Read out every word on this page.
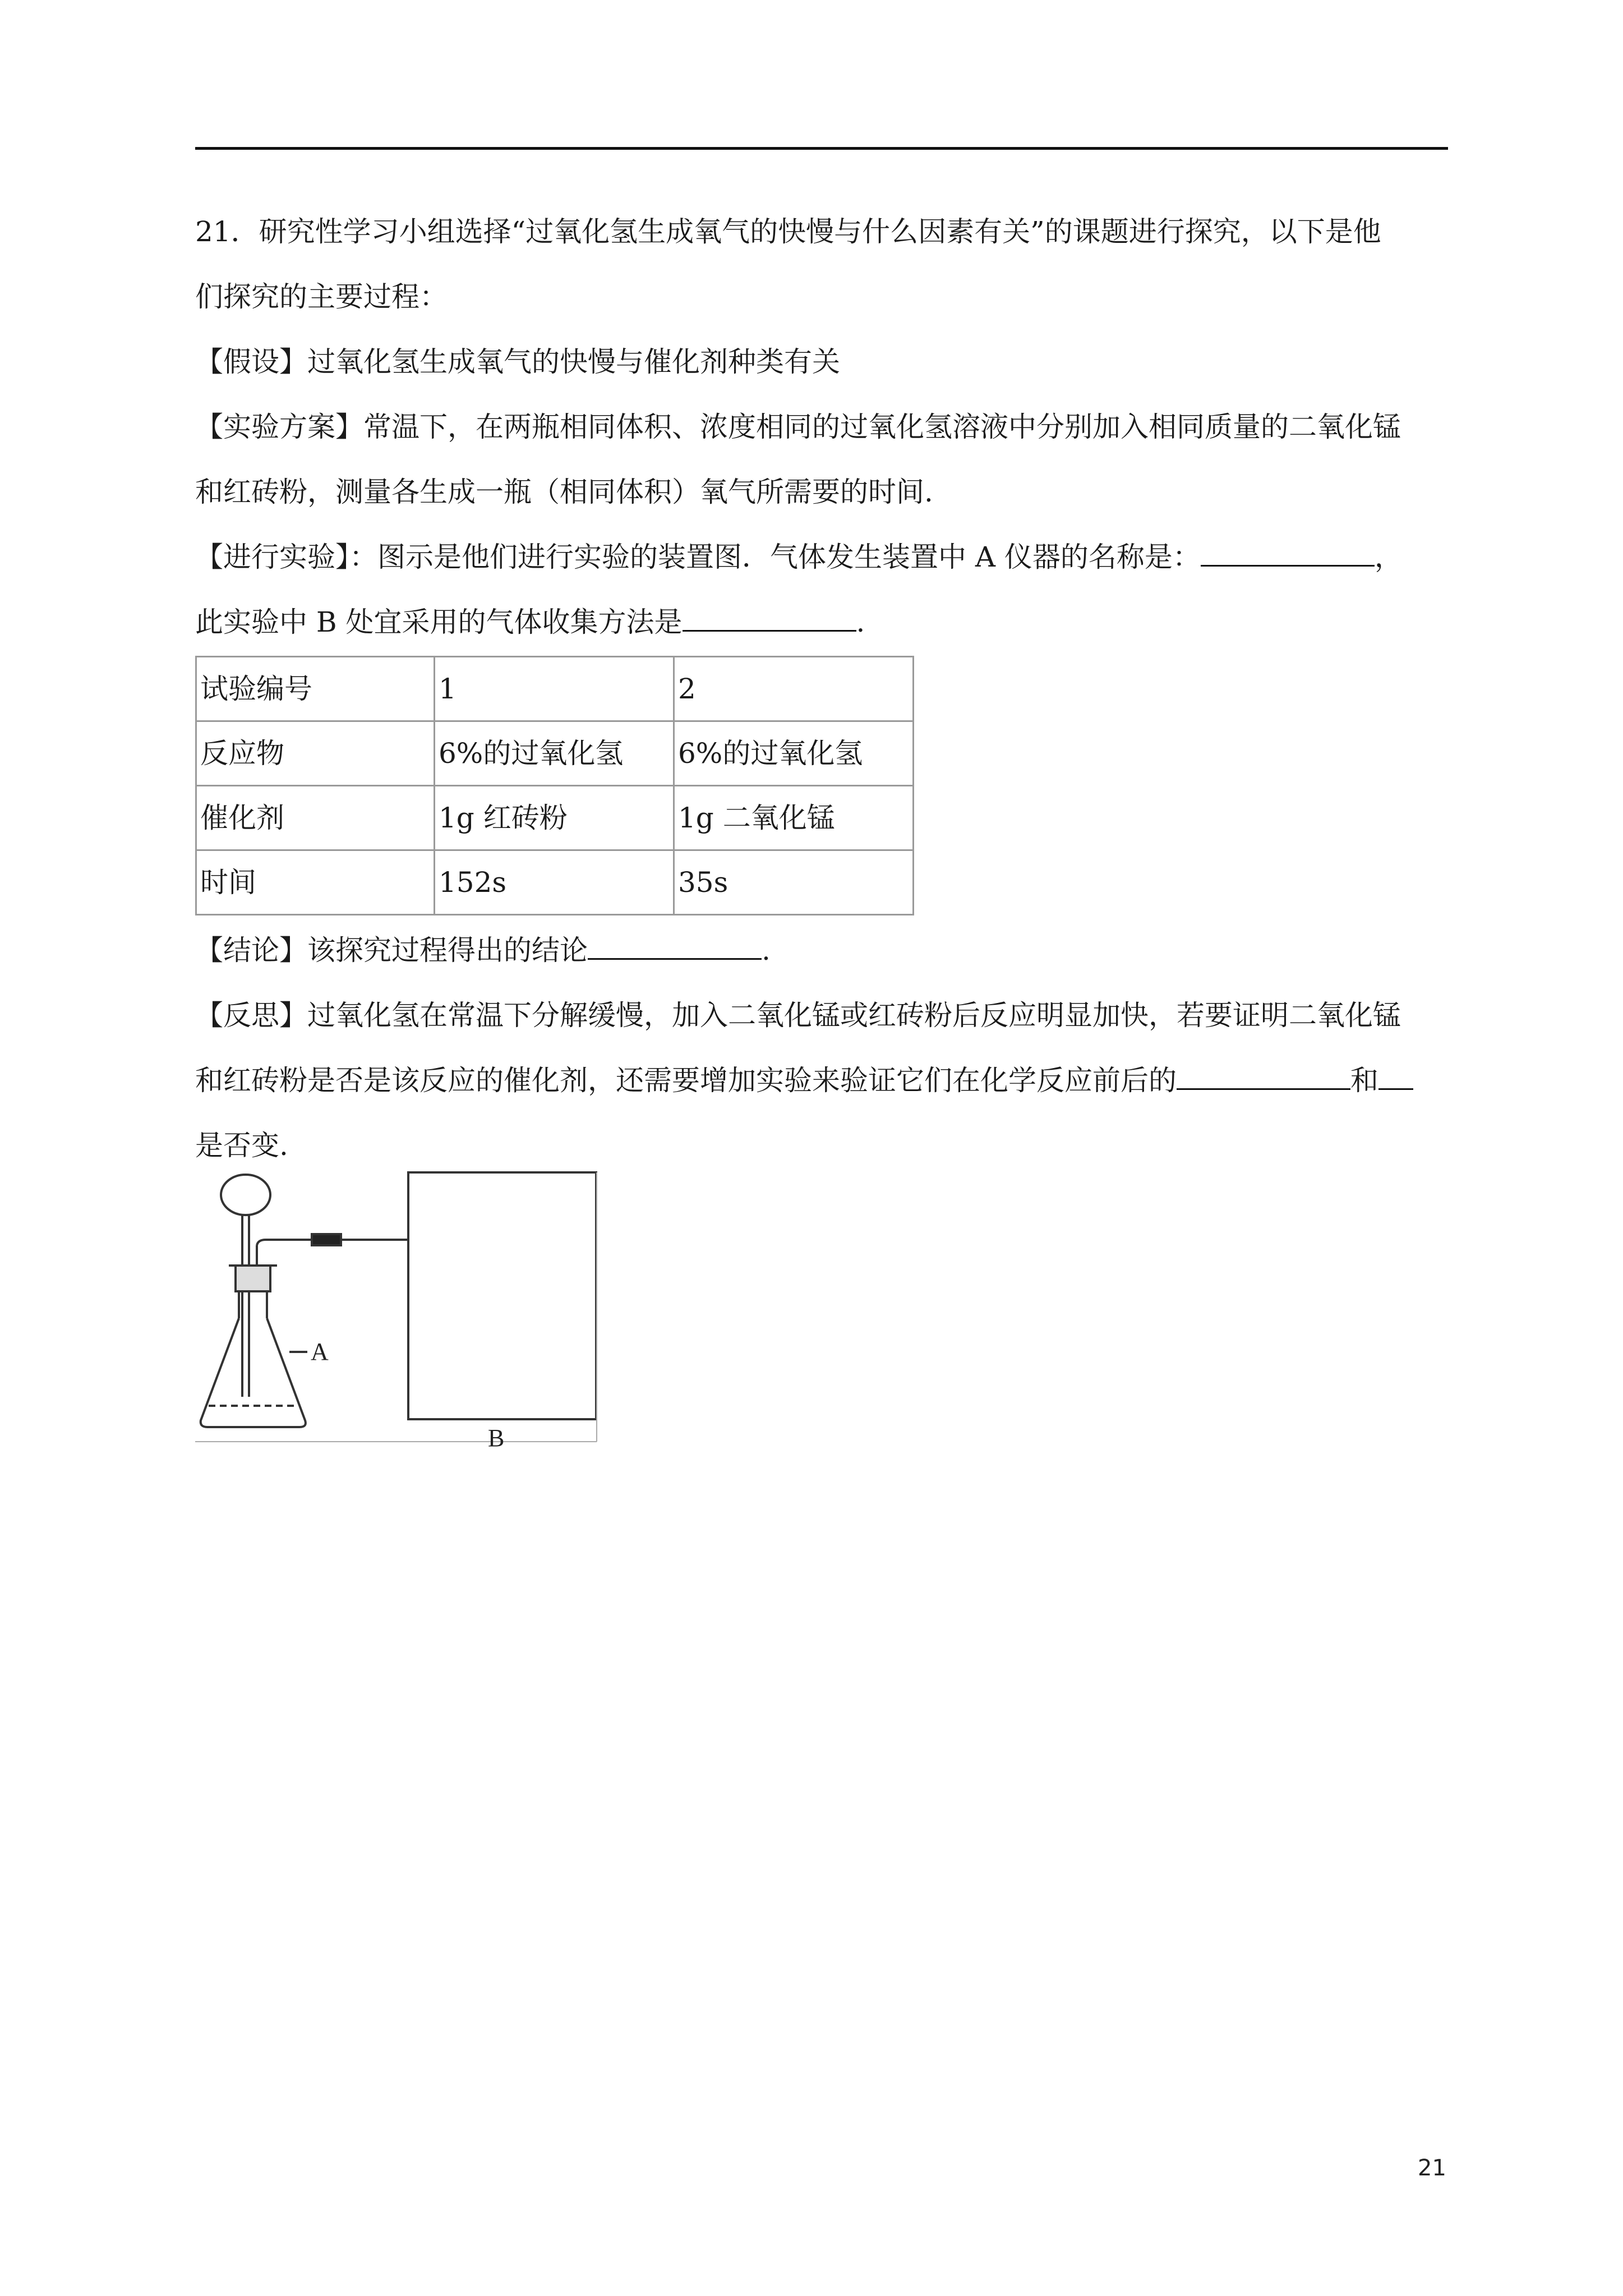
21．研究性学习小组选择“过氧化氢生成氧气的快慢与什么因素有关”的课题进行探究，以下是他

们探究的主要过程：

【假设】过氧化氢生成氧气的快慢与催化剂种类有关

【实验方案】常温下，在两瓶相同体积、浓度相同的过氧化氢溶液中分别加入相同质量的二氧化锰

和红砖粉，测量各生成一瓶（相同体积）氧气所需要的时间.

【进行实验】：图示是他们进行实验的装置图．气体发生装置中 A 仪器的名称是：	，

此实验中 B 处宜采用的气体收集方法是	.

试验编号	1	2
反应物	6%的过氧化氢	6%的过氧化氢
催化剂	1g 红砖粉	1g 二氧化锰
时间	152s	35s

【结论】该探究过程得出的结论	.

【反思】过氧化氢在常温下分解缓慢，加入二氧化锰或红砖粉后反应明显加快，若要证明二氧化锰

和红砖粉是否是该反应的催化剂，还需要增加实验来验证它们在化学反应前后的	和

是否变.

A
B
21
